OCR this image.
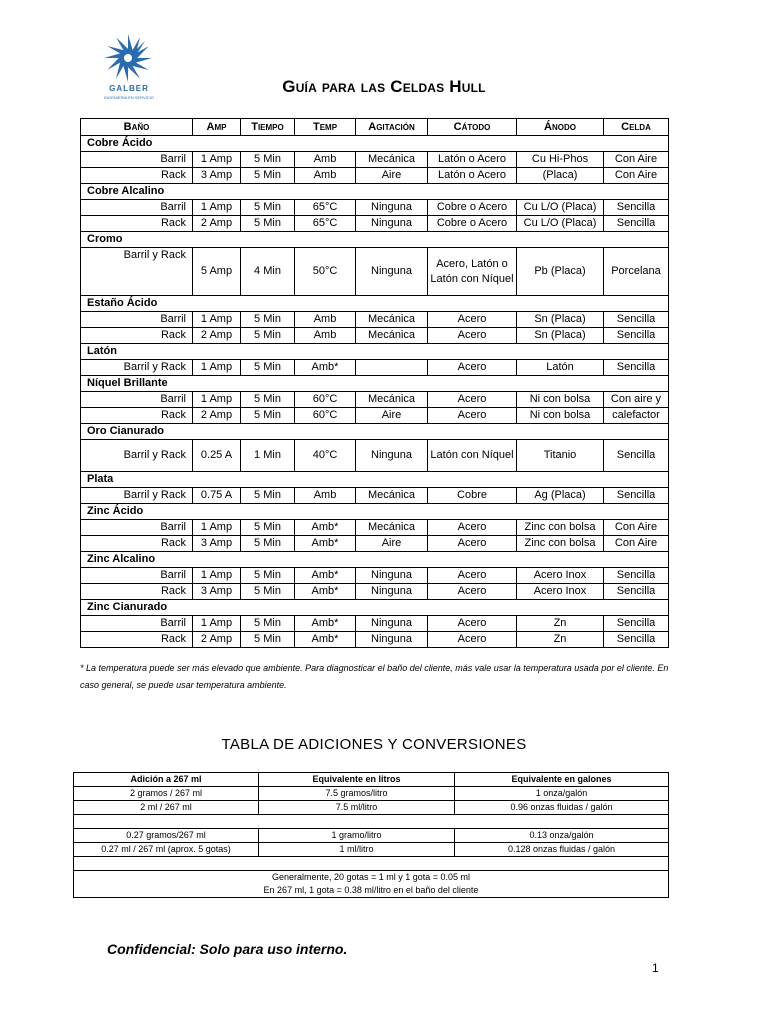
GALBER
INGENIERÍA EN SERVICIO
Guía para las Celdas Hull
Baño	Amp	Tiempo	Temp	Agitación	Cátodo	Ánodo	Celda
Cobre Ácido							
Barril	1 Amp	5 Min	Amb	Mecánica	Latón o Acero	Cu Hi-Phos	Con Aire
Rack	3 Amp	5 Min	Amb	Aire	Latón o Acero	(Placa)	Con Aire
Cobre Alcalino							
Barril	1 Amp	5 Min	65°C	Ninguna	Cobre o Acero	Cu L/O (Placa)	Sencilla
Rack	2 Amp	5 Min	65°C	Ninguna	Cobre o Acero	Cu L/O (Placa)	Sencilla
Cromo							
Barril y Rack	5 Amp	4 Min	50°C	Ninguna	Acero, Latón o Latón con Níquel	Pb (Placa)	Porcelana
Estaño Ácido							
Barril	1 Amp	5 Min	Amb	Mecánica	Acero	Sn (Placa)	Sencilla
Rack	2 Amp	5 Min	Amb	Mecánica	Acero	Sn (Placa)	Sencilla
Latón							
Barril y Rack	1 Amp	5 Min	Amb*		Acero	Latón	Sencilla
Níquel Brillante							
Barril	1 Amp	5 Min	60°C	Mecánica	Acero	Ni con bolsa	Con aire y
Rack	2 Amp	5 Min	60°C	Aire	Acero	Ni con bolsa	calefactor
Oro Cianurado							
Barril y Rack	0.25 A	1 Min	40°C	Ninguna	Latón con Níquel	Titanio	Sencilla
Plata							
Barril y Rack	0.75 A	5 Min	Amb	Mecánica	Cobre	Ag (Placa)	Sencilla
Zinc Ácido							
Barril	1 Amp	5 Min	Amb*	Mecánica	Acero	Zinc con bolsa	Con Aire
Rack	3 Amp	5 Min	Amb*	Aire	Acero	Zinc con bolsa	Con Aire
Zinc Alcalino							
Barril	1 Amp	5 Min	Amb*	Ninguna	Acero	Acero Inox	Sencilla
Rack	3 Amp	5 Min	Amb*	Ninguna	Acero	Acero Inox	Sencilla
Zinc Cianurado							
Barril	1 Amp	5 Min	Amb*	Ninguna	Acero	Zn	Sencilla
Rack	2 Amp	5 Min	Amb*	Ninguna	Acero	Zn	Sencilla
* La temperatura puede ser más elevado que ambiente. Para diagnosticar el baño del cliente, más vale usar la temperatura usada por el cliente. En caso general, se puede usar temperatura ambiente.
TABLA DE ADICIONES Y CONVERSIONES
Adición a 267 ml	Equivalente en litros	Equivalente en galones
2 gramos / 267 ml	7.5 gramos/litro	1 onza/galón
2 ml / 267 ml	7.5 ml/litro	0.96 onzas fluidas / galón

0.27 gramos/267 ml	1 gramo/litro	0.13 onza/galón
0.27 ml / 267 ml (aprox. 5 gotas)	1 ml/litro	0.128 onzas fluidas / galón

Generalmente, 20 gotas = 1 ml y 1 gota = 0.05 ml
En 267 ml, 1 gota = 0.38 ml/litro en el baño del cliente		
Confidencial: Solo para uso interno.
1
